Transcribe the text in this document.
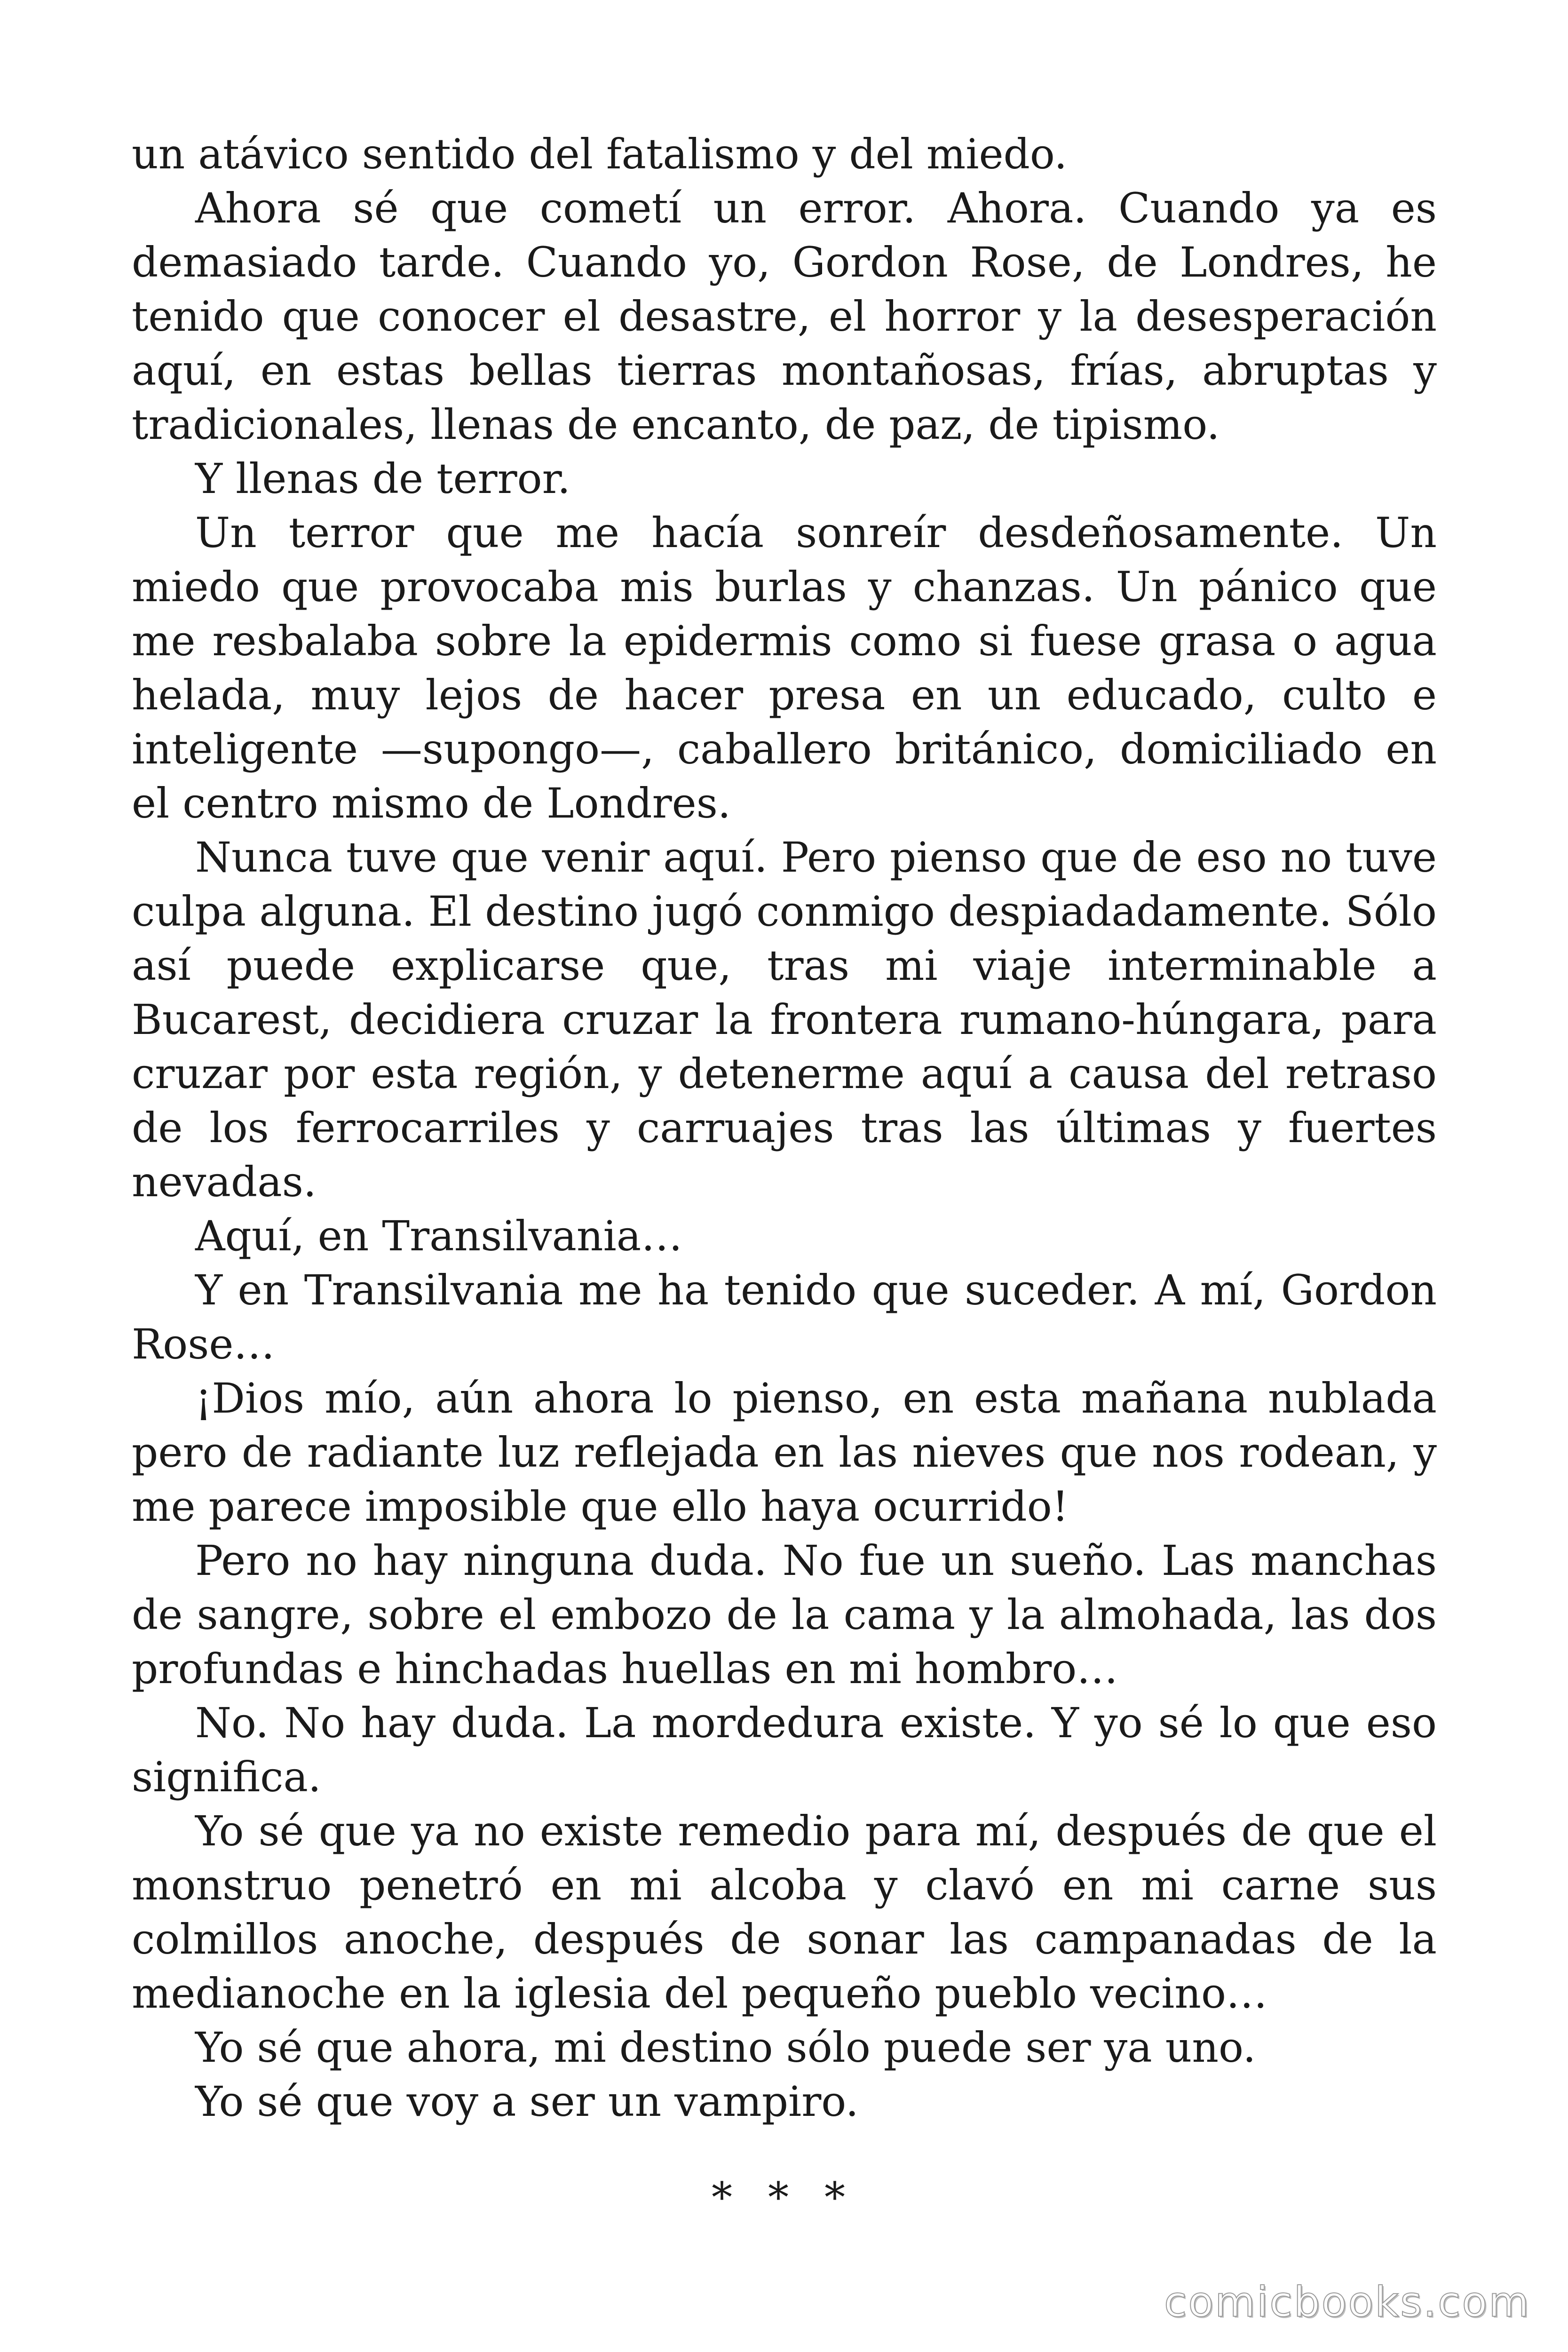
un atávico sentido del fatalismo y del miedo.

Ahora sé que cometí un error. Ahora. Cuando ya es demasiado tarde. Cuando yo, Gordon Rose, de Londres, he tenido que conocer el desastre, el horror y la desesperación aquí, en estas bellas tierras montañosas, frías, abruptas y tradicionales, llenas de encanto, de paz, de tipismo.

Y llenas de terror.

Un terror que me hacía sonreír desdeñosamente. Un miedo que provocaba mis burlas y chanzas. Un pánico que me resbalaba sobre la epidermis como si fuese grasa o agua helada, muy lejos de hacer presa en un educado, culto e inteligente —supongo—, caballero británico, domiciliado en el centro mismo de Londres.

Nunca tuve que venir aquí. Pero pienso que de eso no tuve culpa alguna. El destino jugó conmigo despiadadamente. Sólo así puede explicarse que, tras mi viaje interminable a Bucarest, decidiera cruzar la frontera rumano-húngara, para cruzar por esta región, y detenerme aquí a causa del retraso de los ferrocarriles y carruajes tras las últimas y fuertes nevadas.

Aquí, en Transilvania…

Y en Transilvania me ha tenido que suceder. A mí, Gordon Rose…

¡Dios mío, aún ahora lo pienso, en esta mañana nublada pero de radiante luz reflejada en las nieves que nos rodean, y me parece imposible que ello haya ocurrido!

Pero no hay ninguna duda. No fue un sueño. Las manchas de sangre, sobre el embozo de la cama y la almohada, las dos profundas e hinchadas huellas en mi hombro…

No. No hay duda. La mordedura existe. Y yo sé lo que eso significa.

Yo sé que ya no existe remedio para mí, después de que el monstruo penetró en mi alcoba y clavó en mi carne sus colmillos anoche, después de sonar las campanadas de la medianoche en la iglesia del pequeño pueblo vecino…

Yo sé que ahora, mi destino sólo puede ser ya uno.

Yo sé que voy a ser un vampiro.

* * *

comicbooks.com
